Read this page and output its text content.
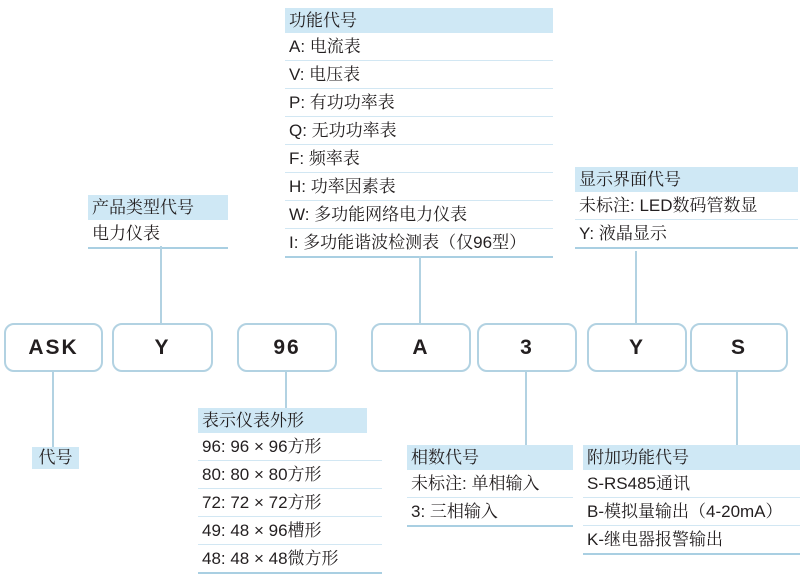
功能代号
A: 电流表
V: 电压表
P: 有功功率表
Q: 无功功率表
F: 频率表
H: 功率因素表
W: 多功能网络电力仪表
I: 多功能谐波检测表（仅96型）
产品类型代号
电力仪表
显示界面代号
未标注: LED数码管数显
Y: 液晶显示
表示仪表外形
96: 96 × 96方形
80: 80 × 80方形
72: 72 × 72方形
49: 48 × 96槽形
48: 48 × 48微方形
相数代号
未标注: 单相输入
3: 三相输入
附加功能代号
S-RS485通讯
B-模拟量输出（4-20mA）
K-继电器报警输出
ASK	Y	96	A	3	Y	S
代号
